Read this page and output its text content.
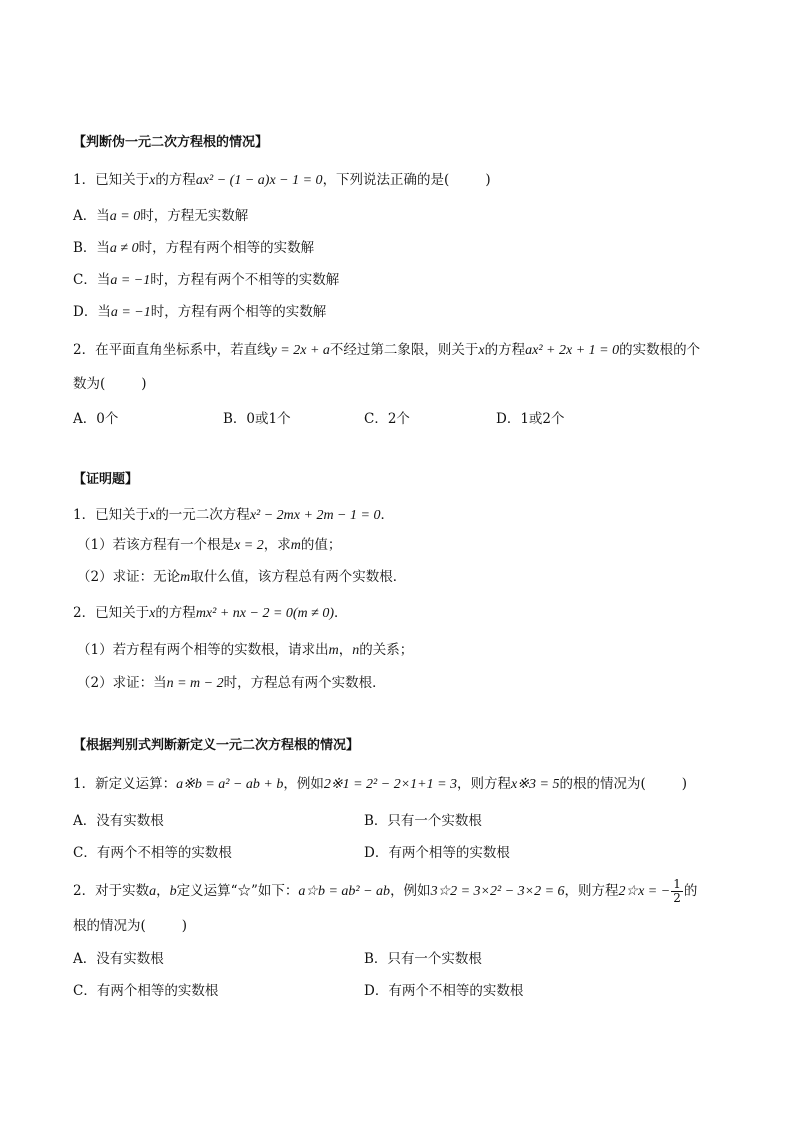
【判断伪一元二次方程根的情况】
1．已知关于x的方程ax² − (1 − a)x − 1 = 0，下列说法正确的是(	)
A．当a = 0时，方程无实数解
B．当a ≠ 0时，方程有两个相等的实数解
C．当a = −1时，方程有两个不相等的实数解
D．当a = −1时，方程有两个相等的实数解
2．在平面直角坐标系中，若直线y = 2x + a不经过第二象限，则关于x的方程ax² + 2x + 1 = 0的实数根的个
数为(	)
A．0个	B．0或1个	C．2个	D．1或2个
【证明题】
1．已知关于x的一元二次方程x² − 2mx + 2m − 1 = 0．
（1）若该方程有一个根是x = 2，求m的值；
（2）求证：无论m取什么值，该方程总有两个实数根．
2．已知关于x的方程mx² + nx − 2 = 0(m ≠ 0)．
（1）若方程有两个相等的实数根，请求出m，n的关系；
（2）求证：当n = m − 2时，方程总有两个实数根．
【根据判别式判断新定义一元二次方程根的情况】
1．新定义运算：a※b = a² − ab + b，例如2※1 = 2² − 2×1+1 = 3，则方程x※3 = 5的根的情况为(	)
A．没有实数根	B．只有一个实数根
C．有两个不相等的实数根	D．有两个相等的实数根
2．对于实数a，b定义运算“☆”如下：a☆b = ab² − ab，例如3☆2 = 3×2² − 3×2 = 6，则方程2☆x = − $\frac{1}{2}$ 的
根的情况为(	)
A．没有实数根	B．只有一个实数根
C．有两个相等的实数根	D．有两个不相等的实数根
